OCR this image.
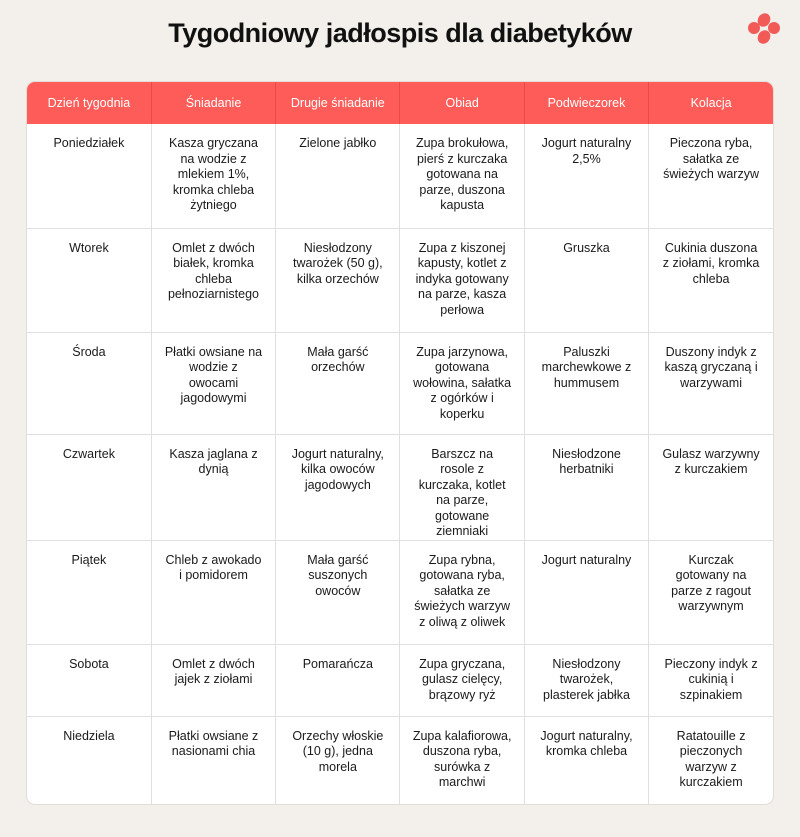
Tygodniowy jadłospis dla diabetyków
Dzień tygodnia	Śniadanie	Drugie śniadanie	Obiad	Podwieczorek	Kolacja
Poniedziałek	Kasza gryczana na wodzie z mlekiem 1%, kromka chleba żytniego	Zielone jabłko	Zupa brokułowa, pierś z kurczaka gotowana na parze, duszona kapusta	Jogurt naturalny 2,5%	Pieczona ryba, sałatka ze świeżych warzyw
Wtorek	Omlet z dwóch białek, kromka chleba pełnoziarnistego	Niesłodzony twarożek (50 g), kilka orzechów	Zupa z kiszonej kapusty, kotlet z indyka gotowany na parze, kasza perłowa	Gruszka	Cukinia duszona z ziołami, kromka chleba
Środa	Płatki owsiane na wodzie z owocami jagodowymi	Mała garść orzechów	Zupa jarzynowa, gotowana wołowina, sałatka z ogórków i koperku	Paluszki marchewkowe z hummusem	Duszony indyk z kaszą gryczaną i warzywami
Czwartek	Kasza jaglana z dynią	Jogurt naturalny, kilka owoców jagodowych	Barszcz na rosole z kurczaka, kotlet na parze, gotowane ziemniaki	Niesłodzone herbatniki	Gulasz warzywny z kurczakiem
Piątek	Chleb z awokado i pomidorem	Mała garść suszonych owoców	Zupa rybna, gotowana ryba, sałatka ze świeżych warzyw z oliwą z oliwek	Jogurt naturalny	Kurczak gotowany na parze z ragout warzywnym
Sobota	Omlet z dwóch jajek z ziołami	Pomarańcza	Zupa gryczana, gulasz cielęcy, brązowy ryż	Niesłodzony twarożek, plasterek jabłka	Pieczony indyk z cukinią i szpinakiem
Niedziela	Płatki owsiane z nasionami chia	Orzechy włoskie (10 g), jedna morela	Zupa kalafiorowa, duszona ryba, surówka z marchwi	Jogurt naturalny, kromka chleba	Ratatouille z pieczonych warzyw z kurczakiem
